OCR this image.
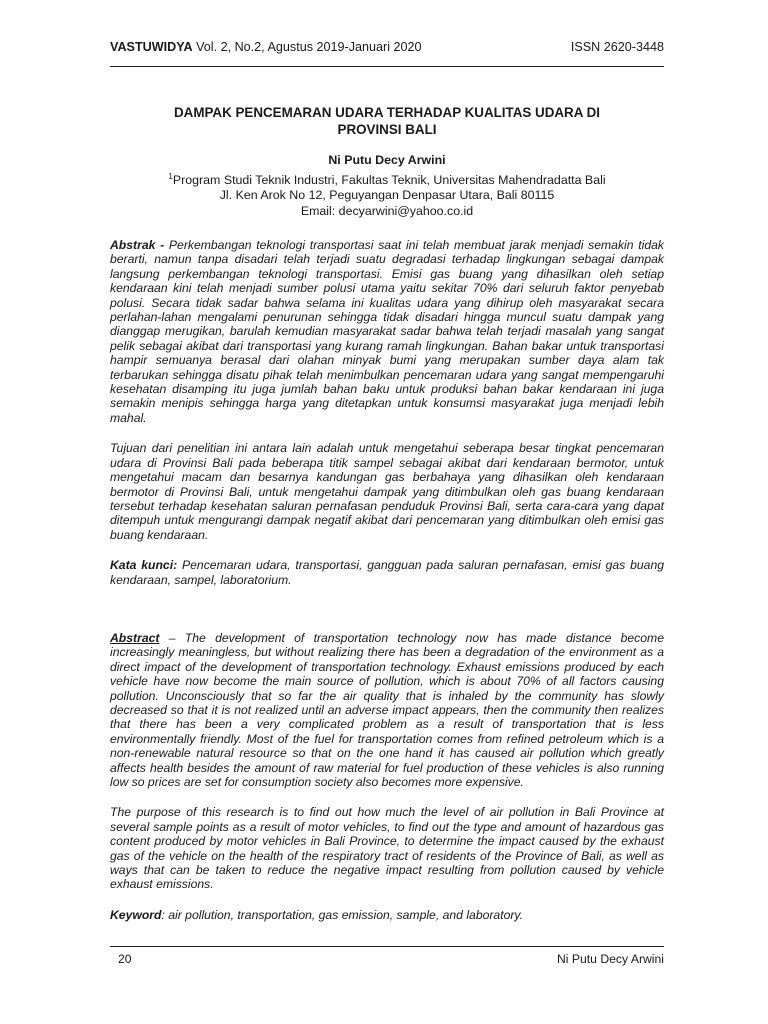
VASTUWIDYA Vol. 2, No.2, Agustus 2019-Januari 2020	ISSN 2620-3448
DAMPAK PENCEMARAN UDARA TERHADAP KUALITAS UDARA DI
PROVINSI BALI
Ni Putu Decy Arwini
$^1$Program Studi Teknik Industri, Fakultas Teknik, Universitas Mahendradatta Bali
Jl. Ken Arok No 12, Peguyangan Denpasar Utara, Bali 80115
Email: decyarwini@yahoo.co.id

Abstrak - Perkembangan teknologi transportasi saat ini telah membuat jarak menjadi semakin tidak berarti, namun tanpa disadari telah terjadi suatu degradasi terhadap lingkungan sebagai dampak langsung perkembangan teknologi transportasi. Emisi gas buang yang dihasilkan oleh setiap kendaraan kini telah menjadi sumber polusi utama yaitu sekitar 70% dari seluruh faktor penyebab polusi. Secara tidak sadar bahwa selama ini kualitas udara yang dihirup oleh masyarakat secara perlahan-lahan mengalami penurunan sehingga tidak disadari hingga muncul suatu dampak yang dianggap merugikan, barulah kemudian masyarakat sadar bahwa telah terjadi masalah yang sangat pelik sebagai akibat dari transportasi yang kurang ramah lingkungan. Bahan bakar untuk transportasi hampir semuanya berasal dari olahan minyak bumi yang merupakan sumber daya alam tak terbarukan sehingga disatu pihak telah menimbulkan pencemaran udara yang sangat mempengaruhi kesehatan disamping itu juga jumlah bahan baku untuk produksi bahan bakar kendaraan ini juga semakin menipis sehingga harga yang ditetapkan untuk konsumsi masyarakat juga menjadi lebih mahal.

Tujuan dari penelitian ini antara lain adalah untuk mengetahui seberapa besar tingkat pencemaran udara di Provinsi Bali pada beberapa titik sampel sebagai akibat dari kendaraan bermotor, untuk mengetahui macam dan besarnya kandungan gas berbahaya yang dihasilkan oleh kendaraan bermotor di Provinsi Bali, untuk mengetahui dampak yang ditimbulkan oleh gas buang kendaraan tersebut terhadap kesehatan saluran pernafasan penduduk Provinsi Bali, serta cara-cara yang dapat ditempuh untuk mengurangi dampak negatif akibat dari pencemaran yang ditimbulkan oleh emisi gas buang kendaraan.

Kata kunci: Pencemaran udara, transportasi, gangguan pada saluran pernafasan, emisi gas buang kendaraan, sampel, laboratorium.

Abstract – The development of transportation technology now has made distance become increasingly meaningless, but without realizing there has been a degradation of the environment as a direct impact of the development of transportation technology. Exhaust emissions produced by each vehicle have now become the main source of pollution, which is about 70% of all factors causing pollution. Unconsciously that so far the air quality that is inhaled by the community has slowly decreased so that it is not realized until an adverse impact appears, then the community then realizes that there has been a very complicated problem as a result of transportation that is less environmentally friendly. Most of the fuel for transportation comes from refined petroleum which is a non-renewable natural resource so that on the one hand it has caused air pollution which greatly affects health besides the amount of raw material for fuel production of these vehicles is also running low so prices are set for consumption society also becomes more expensive.

The purpose of this research is to find out how much the level of air pollution in Bali Province at several sample points as a result of motor vehicles, to find out the type and amount of hazardous gas content produced by motor vehicles in Bali Province, to determine the impact caused by the exhaust gas of the vehicle on the health of the respiratory tract of residents of the Province of Bali, as well as ways that can be taken to reduce the negative impact resulting from pollution caused by vehicle exhaust emissions.

Keyword: air pollution, transportation, gas emission, sample, and laboratory.

20	Ni Putu Decy Arwini
